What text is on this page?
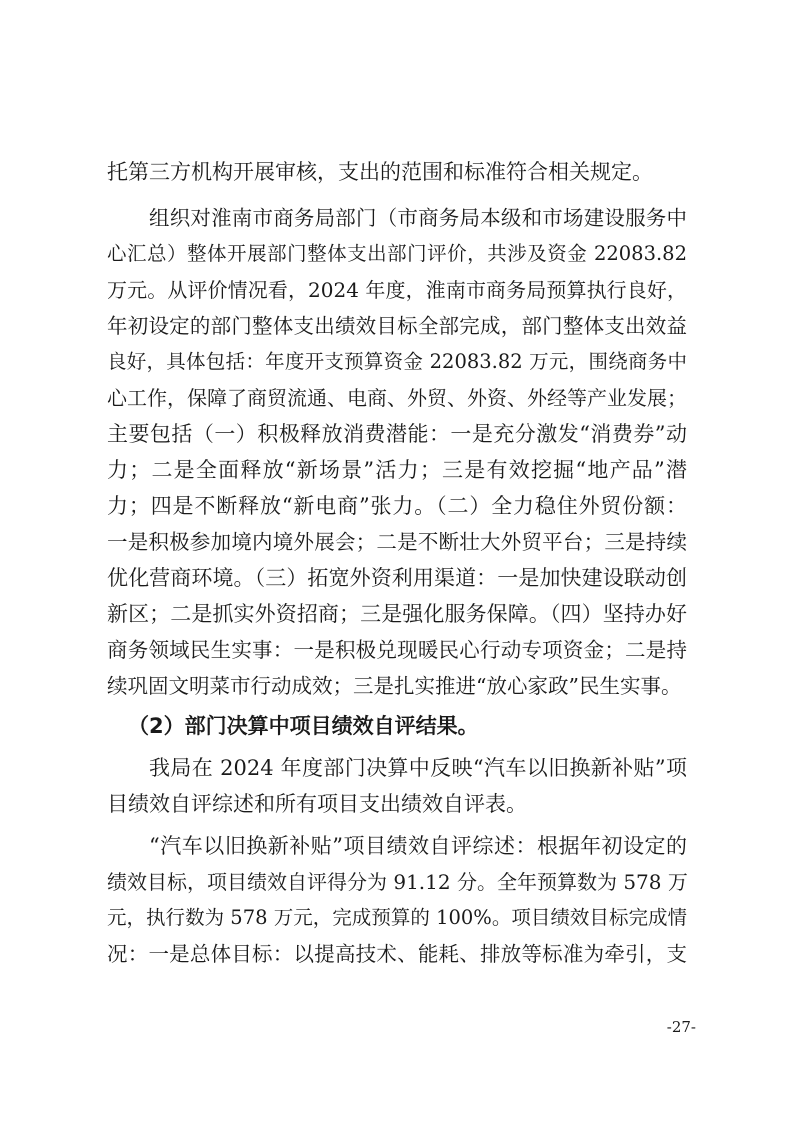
托第三方机构开展审核，支出的范围和标准符合相关规定。
组织对淮南市商务局部门（市商务局本级和市场建设服务中
心汇总）整体开展部门整体支出部门评价，共涉及资金 22083.82
万元。从评价情况看，2024 年度，淮南市商务局预算执行良好，
年初设定的部门整体支出绩效目标全部完成，部门整体支出效益
良好，具体包括：年度开支预算资金 22083.82 万元，围绕商务中
心工作，保障了商贸流通、电商、外贸、外资、外经等产业发展；
主要包括（一）积极释放消费潜能：一是充分激发“消费券”动
力；二是全面释放“新场景”活力；三是有效挖掘“地产品”潜
力；四是不断释放“新电商”张力。（二）全力稳住外贸份额：
一是积极参加境内境外展会；二是不断壮大外贸平台；三是持续
优化营商环境。（三）拓宽外资利用渠道：一是加快建设联动创
新区；二是抓实外资招商；三是强化服务保障。（四）坚持办好
商务领域民生实事：一是积极兑现暖民心行动专项资金；二是持
续巩固文明菜市行动成效；三是扎实推进“放心家政”民生实事。
（2）部门决算中项目绩效自评结果。
我局在 2024 年度部门决算中反映“汽车以旧换新补贴”项
目绩效自评综述和所有项目支出绩效自评表。
“汽车以旧换新补贴”项目绩效自评综述：根据年初设定的
绩效目标，项目绩效自评得分为 91.12 分。全年预算数为 578 万
元，执行数为 578 万元，完成预算的 100%。项目绩效目标完成情
况：一是总体目标：以提高技术、能耗、排放等标准为牵引，支
-27-
